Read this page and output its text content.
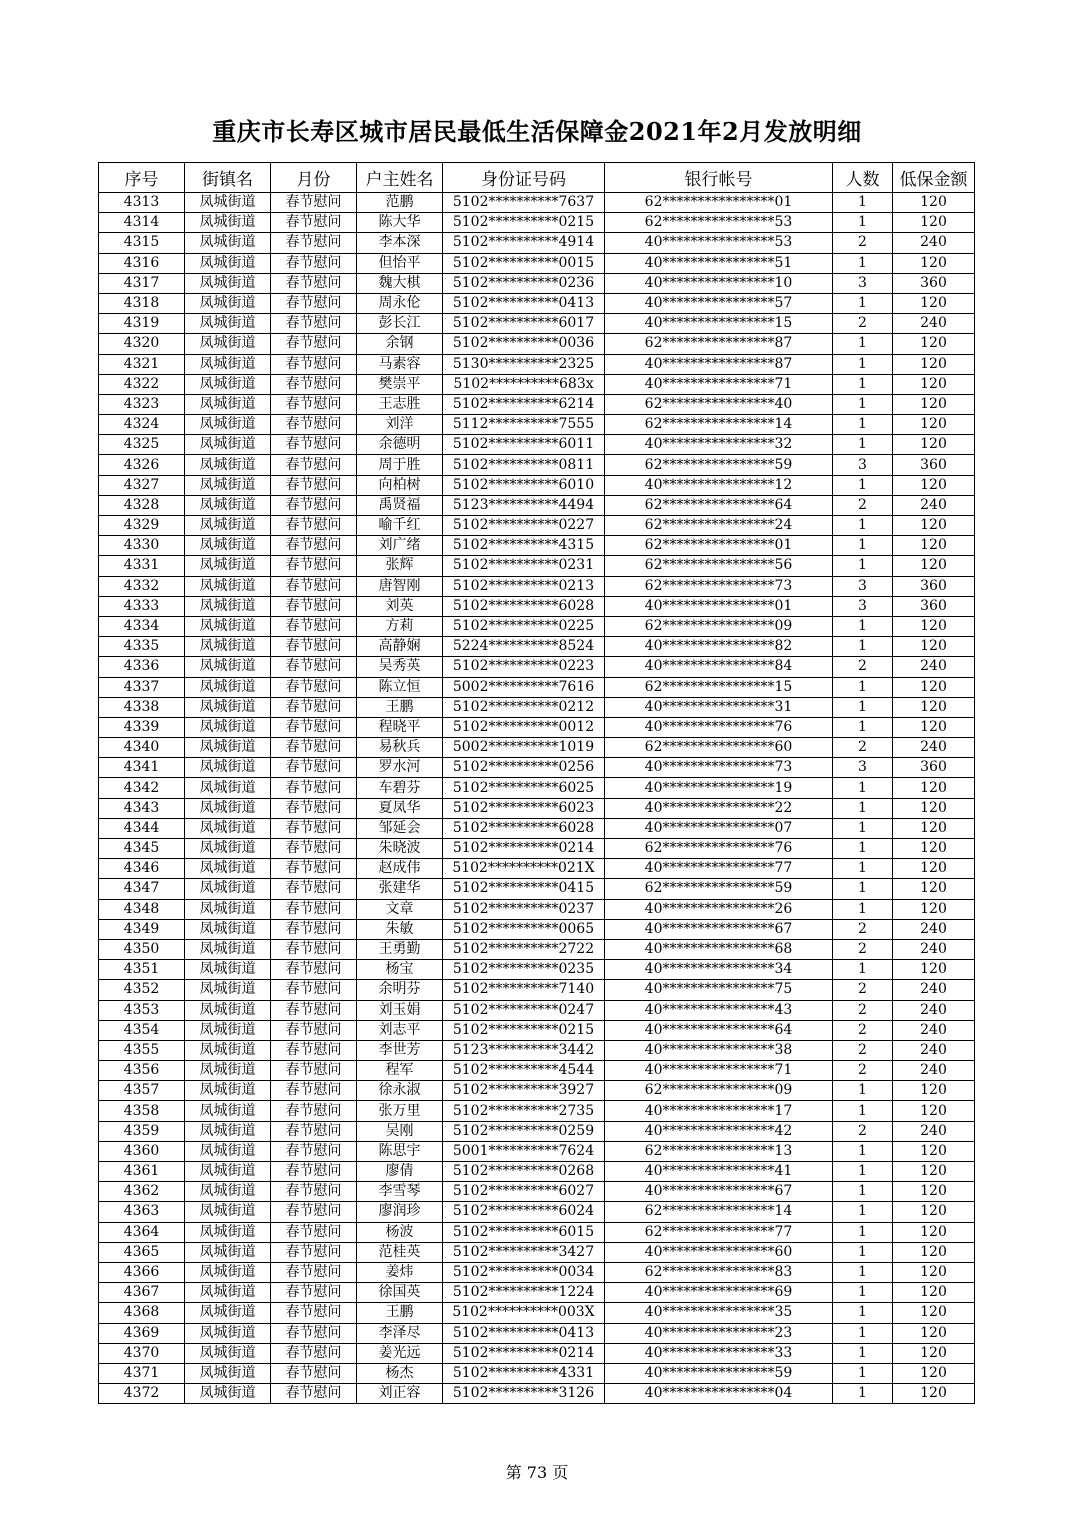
重庆市长寿区城市居民最低生活保障金2021年2月发放明细
序号	街镇名	月份	户主姓名	身份证号码	银行帐号	人数	低保金额
4313	凤城街道	春节慰问	范鹏	5102**********7637	62****************01	1	120
4314	凤城街道	春节慰问	陈大华	5102**********0215	62****************53	1	120
4315	凤城街道	春节慰问	李本深	5102**********4914	40****************53	2	240
4316	凤城街道	春节慰问	但怡平	5102**********0015	40****************51	1	120
4317	凤城街道	春节慰问	魏大棋	5102**********0236	40****************10	3	360
4318	凤城街道	春节慰问	周永伦	5102**********0413	40****************57	1	120
4319	凤城街道	春节慰问	彭长江	5102**********6017	40****************15	2	240
4320	凤城街道	春节慰问	余钢	5102**********0036	62****************87	1	120
4321	凤城街道	春节慰问	马素容	5130**********2325	40****************87	1	120
4322	凤城街道	春节慰问	樊崇平	5102**********683x	40****************71	1	120
4323	凤城街道	春节慰问	王志胜	5102**********6214	62****************40	1	120
4324	凤城街道	春节慰问	刘洋	5112**********7555	62****************14	1	120
4325	凤城街道	春节慰问	余德明	5102**********6011	40****************32	1	120
4326	凤城街道	春节慰问	周于胜	5102**********0811	62****************59	3	360
4327	凤城街道	春节慰问	向柏树	5102**********6010	40****************12	1	120
4328	凤城街道	春节慰问	禹贤福	5123**********4494	62****************64	2	240
4329	凤城街道	春节慰问	喻千红	5102**********0227	62****************24	1	120
4330	凤城街道	春节慰问	刘广绪	5102**********4315	62****************01	1	120
4331	凤城街道	春节慰问	张辉	5102**********0231	62****************56	1	120
4332	凤城街道	春节慰问	唐智刚	5102**********0213	62****************73	3	360
4333	凤城街道	春节慰问	刘英	5102**********6028	40****************01	3	360
4334	凤城街道	春节慰问	方莉	5102**********0225	62****************09	1	120
4335	凤城街道	春节慰问	高静娴	5224**********8524	40****************82	1	120
4336	凤城街道	春节慰问	吴秀英	5102**********0223	40****************84	2	240
4337	凤城街道	春节慰问	陈立恒	5002**********7616	62****************15	1	120
4338	凤城街道	春节慰问	王鹏	5102**********0212	40****************31	1	120
4339	凤城街道	春节慰问	程晓平	5102**********0012	40****************76	1	120
4340	凤城街道	春节慰问	易秋兵	5002**********1019	62****************60	2	240
4341	凤城街道	春节慰问	罗水河	5102**********0256	40****************73	3	360
4342	凤城街道	春节慰问	车碧芬	5102**********6025	40****************19	1	120
4343	凤城街道	春节慰问	夏凤华	5102**********6023	40****************22	1	120
4344	凤城街道	春节慰问	邹延会	5102**********6028	40****************07	1	120
4345	凤城街道	春节慰问	朱晓波	5102**********0214	62****************76	1	120
4346	凤城街道	春节慰问	赵成伟	5102**********021X	40****************77	1	120
4347	凤城街道	春节慰问	张建华	5102**********0415	62****************59	1	120
4348	凤城街道	春节慰问	文章	5102**********0237	40****************26	1	120
4349	凤城街道	春节慰问	朱敏	5102**********0065	40****************67	2	240
4350	凤城街道	春节慰问	王勇勤	5102**********2722	40****************68	2	240
4351	凤城街道	春节慰问	杨宝	5102**********0235	40****************34	1	120
4352	凤城街道	春节慰问	余明芬	5102**********7140	40****************75	2	240
4353	凤城街道	春节慰问	刘玉娟	5102**********0247	40****************43	2	240
4354	凤城街道	春节慰问	刘志平	5102**********0215	40****************64	2	240
4355	凤城街道	春节慰问	李世芳	5123**********3442	40****************38	2	240
4356	凤城街道	春节慰问	程军	5102**********4544	40****************71	2	240
4357	凤城街道	春节慰问	徐永淑	5102**********3927	62****************09	1	120
4358	凤城街道	春节慰问	张万里	5102**********2735	40****************17	1	120
4359	凤城街道	春节慰问	吴刚	5102**********0259	40****************42	2	240
4360	凤城街道	春节慰问	陈思宇	5001**********7624	62****************13	1	120
4361	凤城街道	春节慰问	廖倩	5102**********0268	40****************41	1	120
4362	凤城街道	春节慰问	李雪琴	5102**********6027	40****************67	1	120
4363	凤城街道	春节慰问	廖润珍	5102**********6024	62****************14	1	120
4364	凤城街道	春节慰问	杨波	5102**********6015	62****************77	1	120
4365	凤城街道	春节慰问	范桂英	5102**********3427	40****************60	1	120
4366	凤城街道	春节慰问	姜炜	5102**********0034	62****************83	1	120
4367	凤城街道	春节慰问	徐国英	5102**********1224	40****************69	1	120
4368	凤城街道	春节慰问	王鹏	5102**********003X	40****************35	1	120
4369	凤城街道	春节慰问	李泽尽	5102**********0413	40****************23	1	120
4370	凤城街道	春节慰问	姜光远	5102**********0214	40****************33	1	120
4371	凤城街道	春节慰问	杨杰	5102**********4331	40****************59	1	120
4372	凤城街道	春节慰问	刘正容	5102**********3126	40****************04	1	120
第 73 页
